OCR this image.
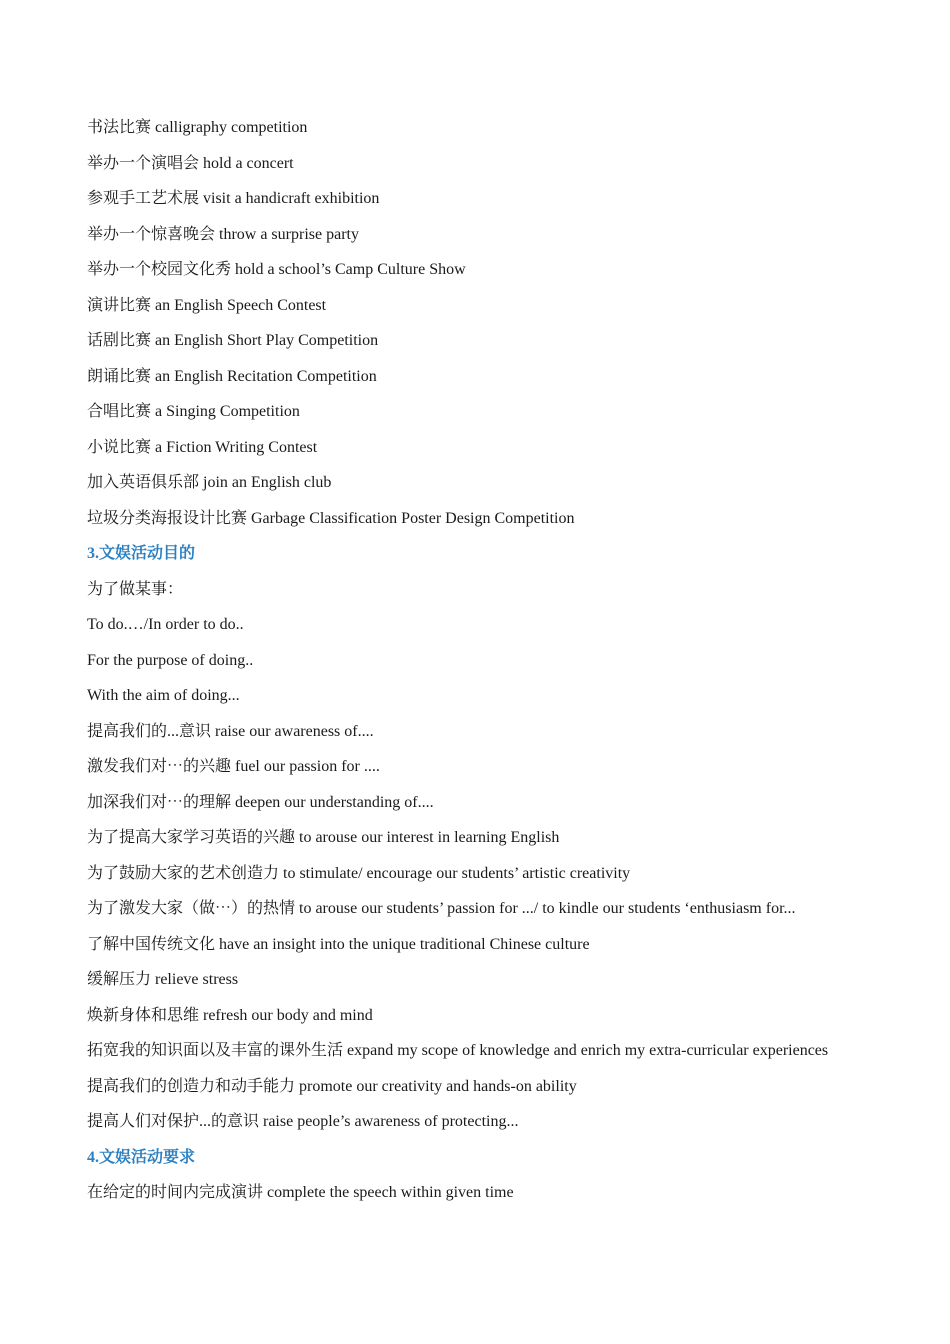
书法比赛 calligraphy competition
举办一个演唱会 hold a concert
参观手工艺术展 visit a handicraft exhibition
举办一个惊喜晚会 throw a surprise party
举办一个校园文化秀 hold a school’s Camp Culture Show
演讲比赛 an English Speech Contest
话剧比赛 an English Short Play Competition
朗诵比赛 an English Recitation Competition
合唱比赛 a Singing Competition
小说比赛 a Fiction Writing Contest
加入英语俱乐部 join an English club
垃圾分类海报设计比赛 Garbage Classification Poster Design Competition
3.文娱活动目的
为了做某事：
To do.…/In order to do..
For the purpose of doing..
With the aim of doing...
提高我们的...意识 raise our awareness of....
激发我们对⋯的兴趣 fuel our passion for ....
加深我们对⋯的理解 deepen our understanding of....
为了提高大家学习英语的兴趣 to arouse our interest in learning English
为了鼓励大家的艺术创造力 to stimulate/ encourage our students’ artistic creativity
为了激发大家（做⋯）的热情 to arouse our students’ passion for .../ to kindle our students ‘enthusiasm for...
了解中国传统文化 have an insight into the unique traditional Chinese culture
缓解压力 relieve stress
焕新身体和思维 refresh our body and mind
拓宽我的知识面以及丰富的课外生活 expand my scope of knowledge and enrich my extra-curricular experiences
提高我们的创造力和动手能力 promote our creativity and hands-on ability
提高人们对保护...的意识 raise people’s awareness of protecting...
4.文娱活动要求
在给定的时间内完成演讲 complete the speech within given time
